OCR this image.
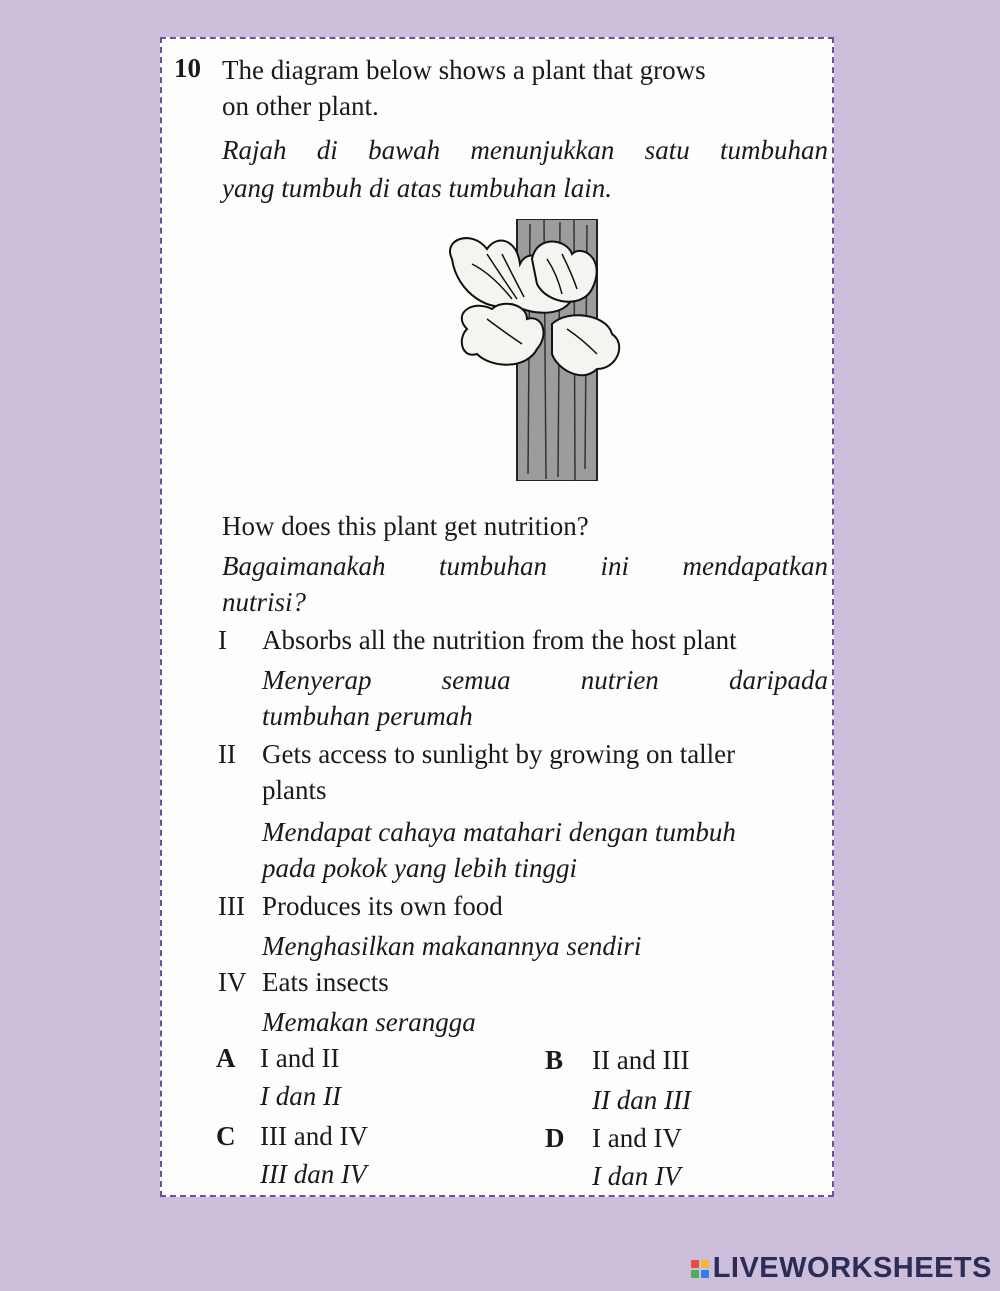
10 The diagram below shows a plant that grows
on other plant.
Rajah di bawah menunjukkan satu tumbuhan
yang tumbuh di atas tumbuhan lain.
How does this plant get nutrition?
Bagaimanakah tumbuhan ini mendapatkan
nutrisi?
I Absorbs all the nutrition from the host plant
Menyerap semua nutrien daripada
tumbuhan perumah
II Gets access to sunlight by growing on taller
plants
Mendapat cahaya matahari dengan tumbuh
pada pokok yang lebih tinggi
III Produces its own food
Menghasilkan makanannya sendiri
IV Eats insects
Memakan serangga
A I and II
I dan II
B II and III
II dan III
C III and IV
III dan IV
D I and IV
I dan IV
LIVEWORKSHEETS
